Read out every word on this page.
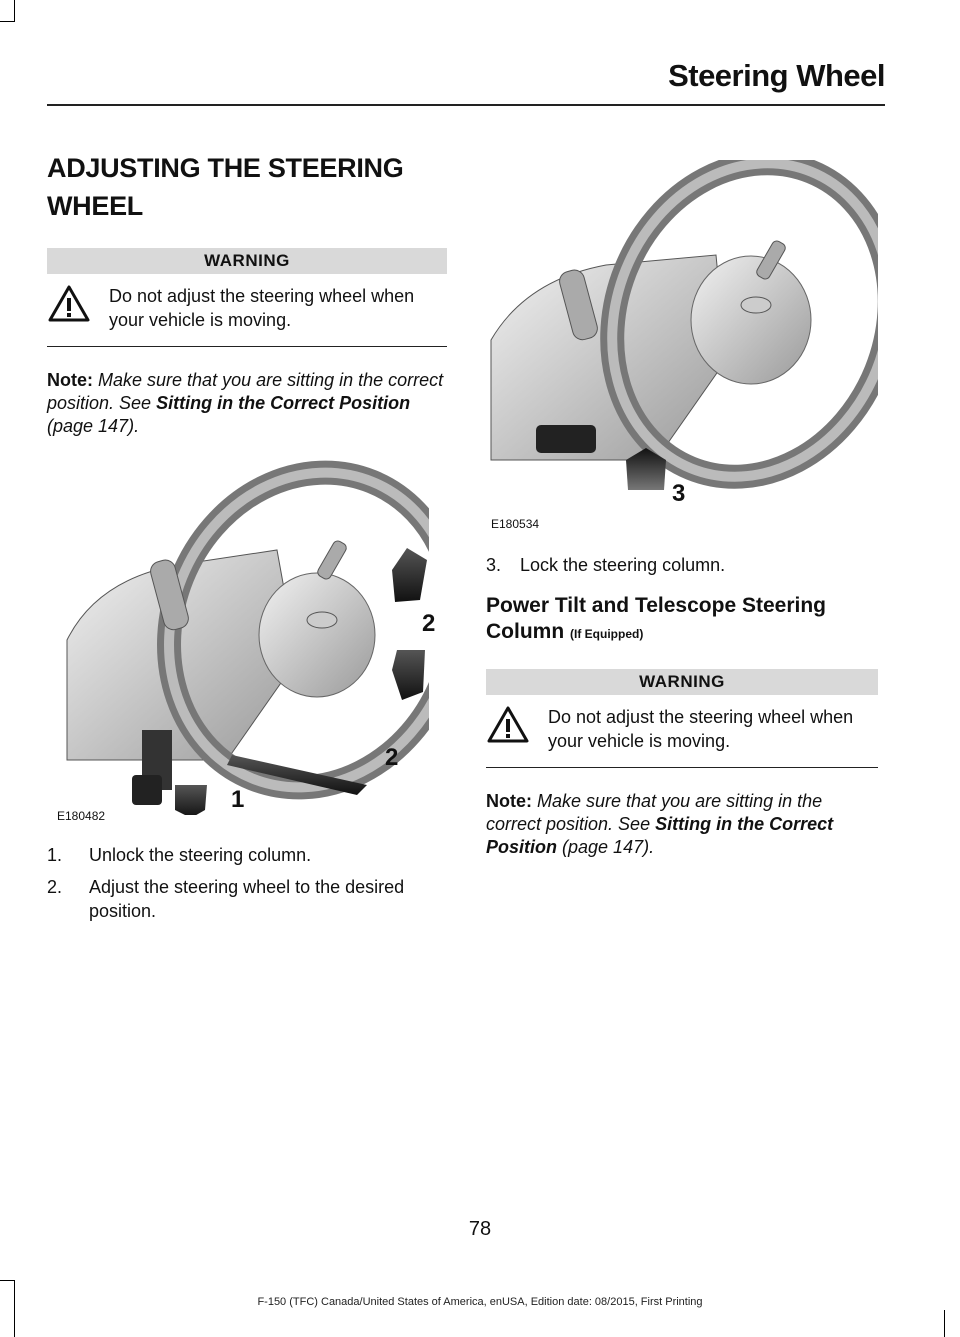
Steering Wheel
ADJUSTING THE STEERING

WHEEL
WARNING
Do not adjust the steering wheel when your vehicle is moving.
Note: Make sure that you are sitting in the correct position. See Sitting in the Correct Position (page 147).
E180482
2
2
1
1.	Unlock the steering column.
2.	Adjust the steering wheel to the desired position.
E180534
3
3.	Lock the steering column.
Power Tilt and Telescope Steering Column (If Equipped)
WARNING
Do not adjust the steering wheel when your vehicle is moving.
Note: Make sure that you are sitting in the correct position. See Sitting in the Correct Position (page 147).
78
F-150 (TFC) Canada/United States of America, enUSA, Edition date: 08/2015, First Printing
